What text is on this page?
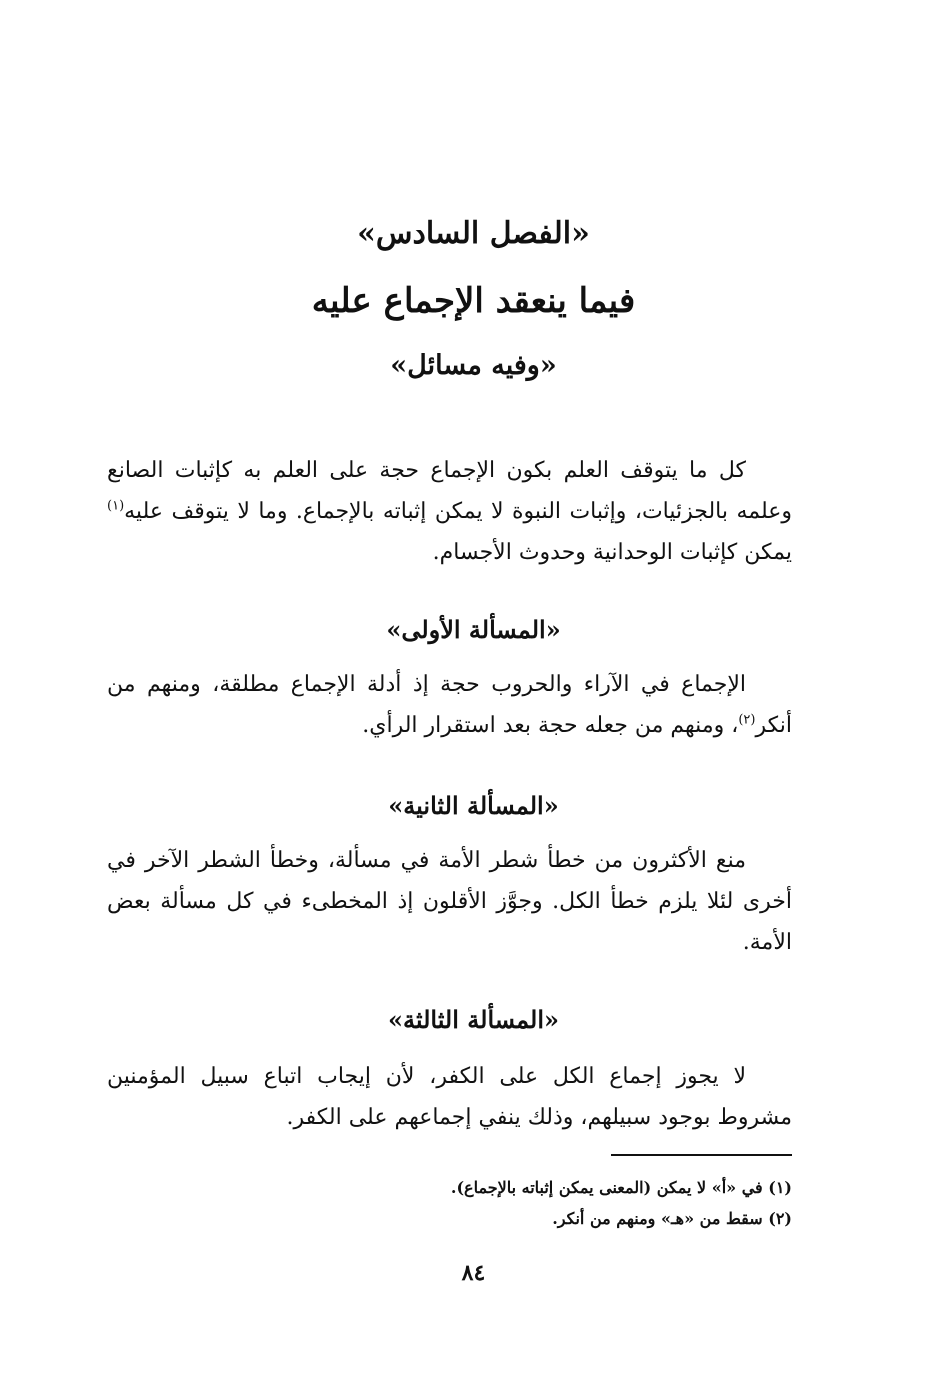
«الفصل السادس»
فيما ينعقد الإجماع عليه
«وفيه مسائل»

كل ما يتوقف العلم بكون الإجماع حجة على العلم به كإثبات الصانع وعلمه بالجزئيات، وإثبات النبوة لا يمكن إثباته بالإجماع. وما لا يتوقف عليه$^{(١)}$ يمكن كإثبات الوحدانية وحدوث الأجسام.

«المسألة الأولى»

الإجماع في الآراء والحروب حجة إذ أدلة الإجماع مطلقة، ومنهم من أنكر$^{(٢)}$، ومنهم من جعله حجة بعد استقرار الرأي.

«المسألة الثانية»

منع الأكثرون من خطأ شطر الأمة في مسألة، وخطأ الشطر الآخر في أخرى لئلا يلزم خطأ الكل. وجوَّز الأقلون إذ المخطىء في كل مسألة بعض الأمة.

«المسألة الثالثة»

لا يجوز إجماع الكل على الكفر، لأن إيجاب اتباع سبيل المؤمنين مشروط بوجود سبيلهم، وذلك ينفي إجماعهم على الكفر.

(١) في «أ» لا يمكن (المعنى يمكن إثباته بالإجماع).
(٢) سقط من «هـ» ومنهم من أنكر.
٨٤
